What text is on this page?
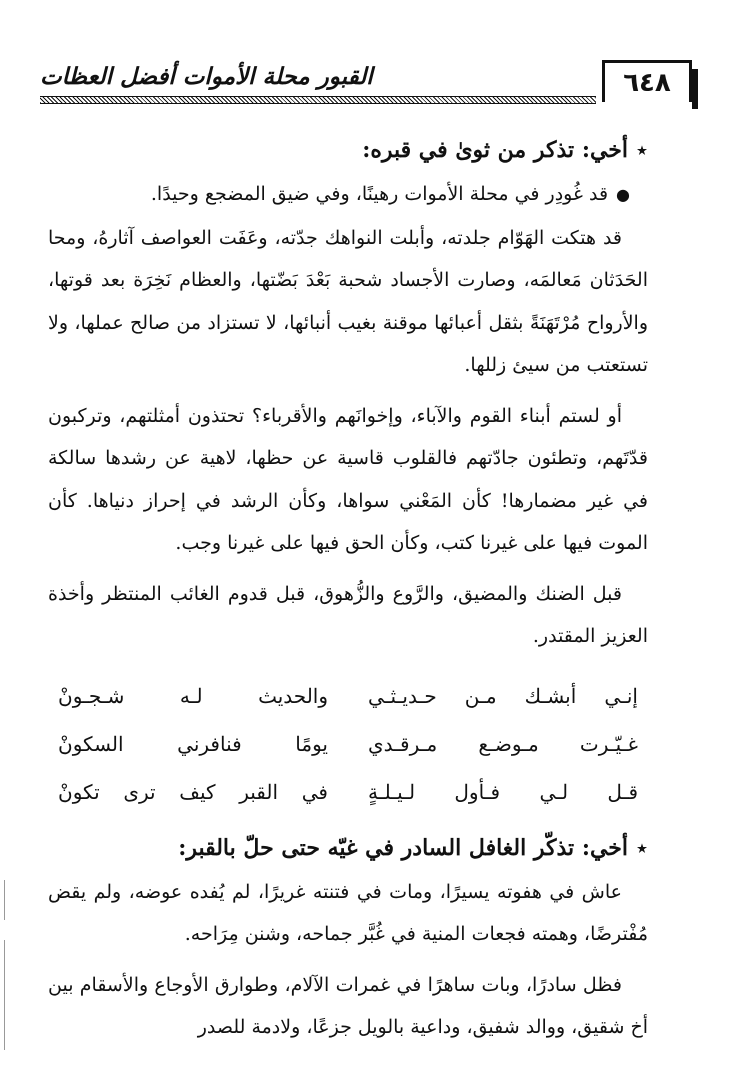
٦٤٨
القبور محلة الأموات أفضل العظات

٭أخي: تذكر من ثوىٰ في قبره:

●قد غُودِر في محلة الأموات رهينًا، وفي ضيق المضجع وحيدًا.

قد هتكت الهَوّام جلدته، وأبلت النواهك جدّته، وعَفَت العواصف آثارهُ، ومحا الحَدَثان مَعالمَه، وصارت الأجساد شحبة بَعْدَ بَضّتها، والعظام نَخِرَة بعد قوتها، والأرواح مُرْتَهَنَةً بثقل أعبائها موقنة بغيب أنبائها، لا تستزاد من صالح عملها، ولا تستعتب من سيئ زللها.

أو لستم أبناء القوم والآباء، وإخوانَهم والأقرباء؟ تحتذون أمثلتهم، وتركبون قدّتَهم، وتطئون جادّتهم فالقلوب قاسية عن حظها، لاهية عن رشدها سالكة في غير مضمارها! كأن المَعْني سواها، وكأن الرشد في إحراز دنياها. كأن الموت فيها على غيرنا كتب، وكأن الحق فيها على غيرنا وجب.

قبل الضنك والمضيق، والرَّوع والزُّهوق، قبل قدوم الغائب المنتظر وأخذة العزيز المقتدر.

إنـي أبشـك مـن حـديـثـي
والحديث لـه شـجـونْ
غـيّـرت مـوضـع مـرقـدي
يومًا فنافرني السكونْ
قـل لـي فـأول لـيـلـةٍ
في القبر كيف ترى تكونْ

٭أخي: تذكّر الغافل السادر في غيّه حتى حلّ بالقبر:

عاش في هفوته يسيرًا، ومات في فتنته غريرًا، لم يُفده عوضه، ولم يقض مُفْترضًا، وهمته فجعات المنية في غُبَّر جماحه، وشنن مِرَاحه.

فظل سادرًا، وبات ساهرًا في غمرات الآلام، وطوارق الأوجاع والأسقام بين أخ شقيق، ووالد شفيق، وداعية بالويل جزعًا، ولادمة للصدر
